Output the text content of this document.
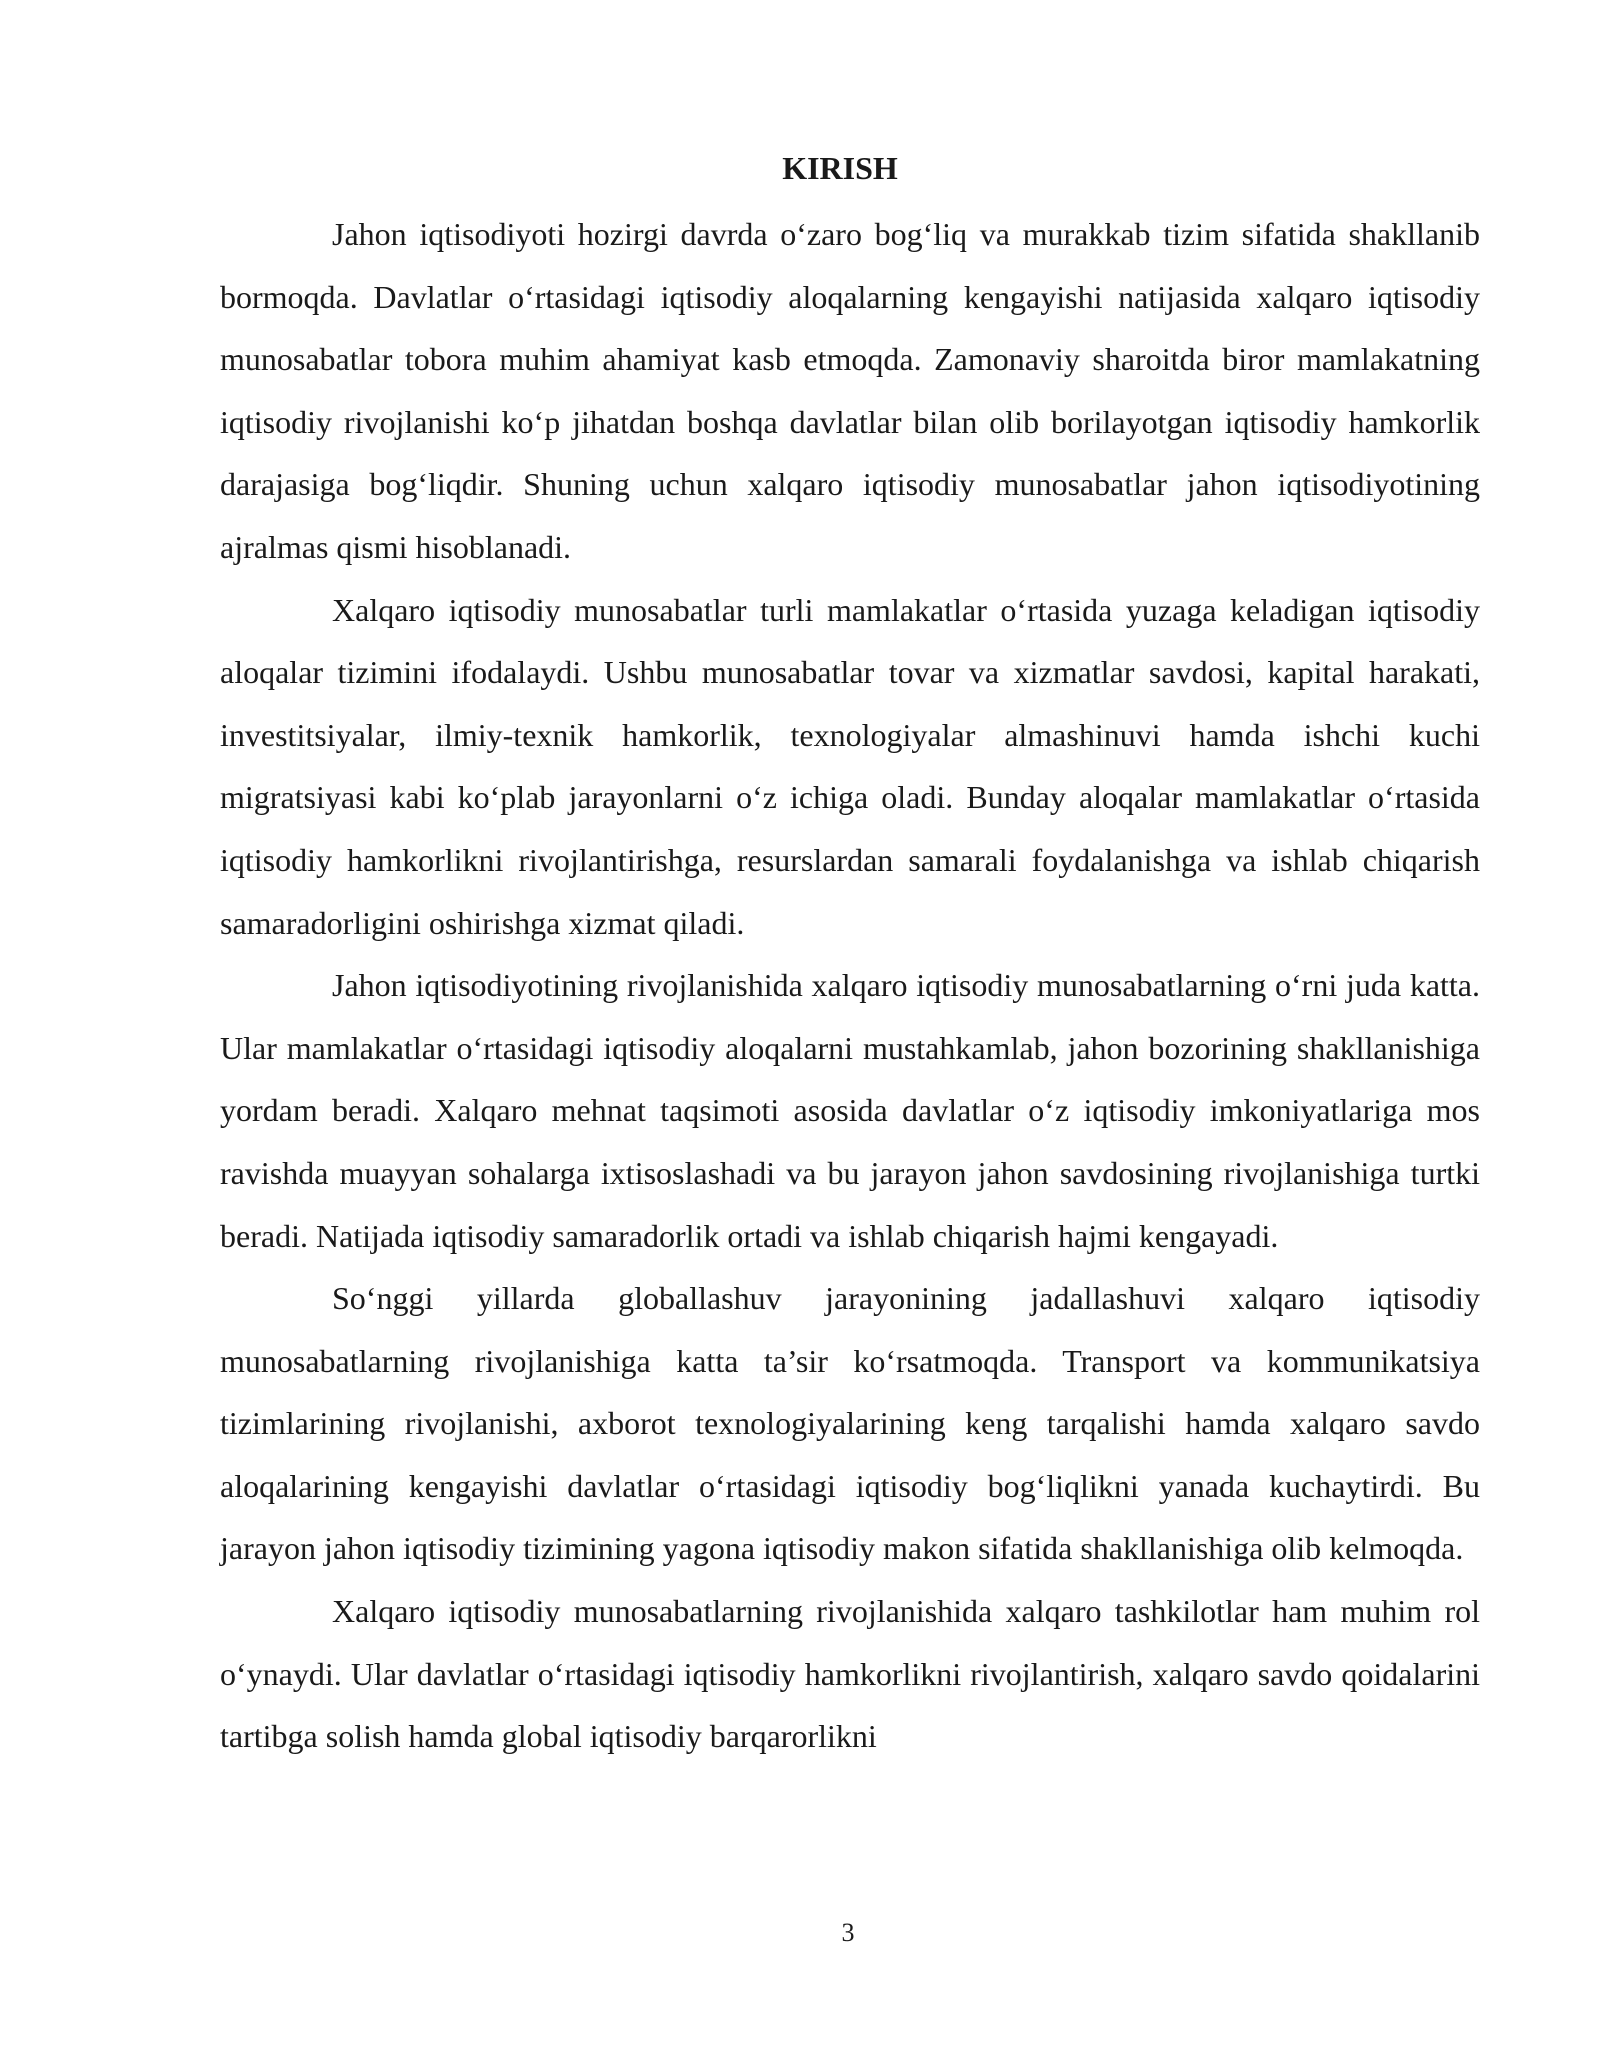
KIRISH

Jahon iqtisodiyoti hozirgi davrda o‘zaro bog‘liq va murakkab tizim sifatida shakllanib bormoqda. Davlatlar o‘rtasidagi iqtisodiy aloqalarning kengayishi natijasida xalqaro iqtisodiy munosabatlar tobora muhim ahamiyat kasb etmoqda. Zamonaviy sharoitda biror mamlakatning iqtisodiy rivojlanishi ko‘p jihatdan boshqa davlatlar bilan olib borilayotgan iqtisodiy hamkorlik darajasiga bog‘liqdir. Shuning uchun xalqaro iqtisodiy munosabatlar jahon iqtisodiyotining ajralmas qismi hisoblanadi.

Xalqaro iqtisodiy munosabatlar turli mamlakatlar o‘rtasida yuzaga keladigan iqtisodiy aloqalar tizimini ifodalaydi. Ushbu munosabatlar tovar va xizmatlar savdosi, kapital harakati, investitsiyalar, ilmiy-texnik hamkorlik, texnologiyalar almashinuvi hamda ishchi kuchi migratsiyasi kabi ko‘plab jarayonlarni o‘z ichiga oladi. Bunday aloqalar mamlakatlar o‘rtasida iqtisodiy hamkorlikni rivojlantirishga, resurslardan samarali foydalanishga va ishlab chiqarish samaradorligini oshirishga xizmat qiladi.

Jahon iqtisodiyotining rivojlanishida xalqaro iqtisodiy munosabatlarning o‘rni juda katta. Ular mamlakatlar o‘rtasidagi iqtisodiy aloqalarni mustahkamlab, jahon bozorining shakllanishiga yordam beradi. Xalqaro mehnat taqsimoti asosida davlatlar o‘z iqtisodiy imkoniyatlariga mos ravishda muayyan sohalarga ixtisoslashadi va bu jarayon jahon savdosining rivojlanishiga turtki beradi. Natijada iqtisodiy samaradorlik ortadi va ishlab chiqarish hajmi kengayadi.

So‘nggi yillarda globallashuv jarayonining jadallashuvi xalqaro iqtisodiy munosabatlarning rivojlanishiga katta ta’sir ko‘rsatmoqda. Transport va kommunikatsiya tizimlarining rivojlanishi, axborot texnologiyalarining keng tarqalishi hamda xalqaro savdo aloqalarining kengayishi davlatlar o‘rtasidagi iqtisodiy bog‘liqlikni yanada kuchaytirdi. Bu jarayon jahon iqtisodiy tizimining yagona iqtisodiy makon sifatida shakllanishiga olib kelmoqda.

Xalqaro iqtisodiy munosabatlarning rivojlanishida xalqaro tashkilotlar ham muhim rol o‘ynaydi. Ular davlatlar o‘rtasidagi iqtisodiy hamkorlikni rivojlantirish, xalqaro savdo qoidalarini tartibga solish hamda global iqtisodiy barqarorlikni

3
